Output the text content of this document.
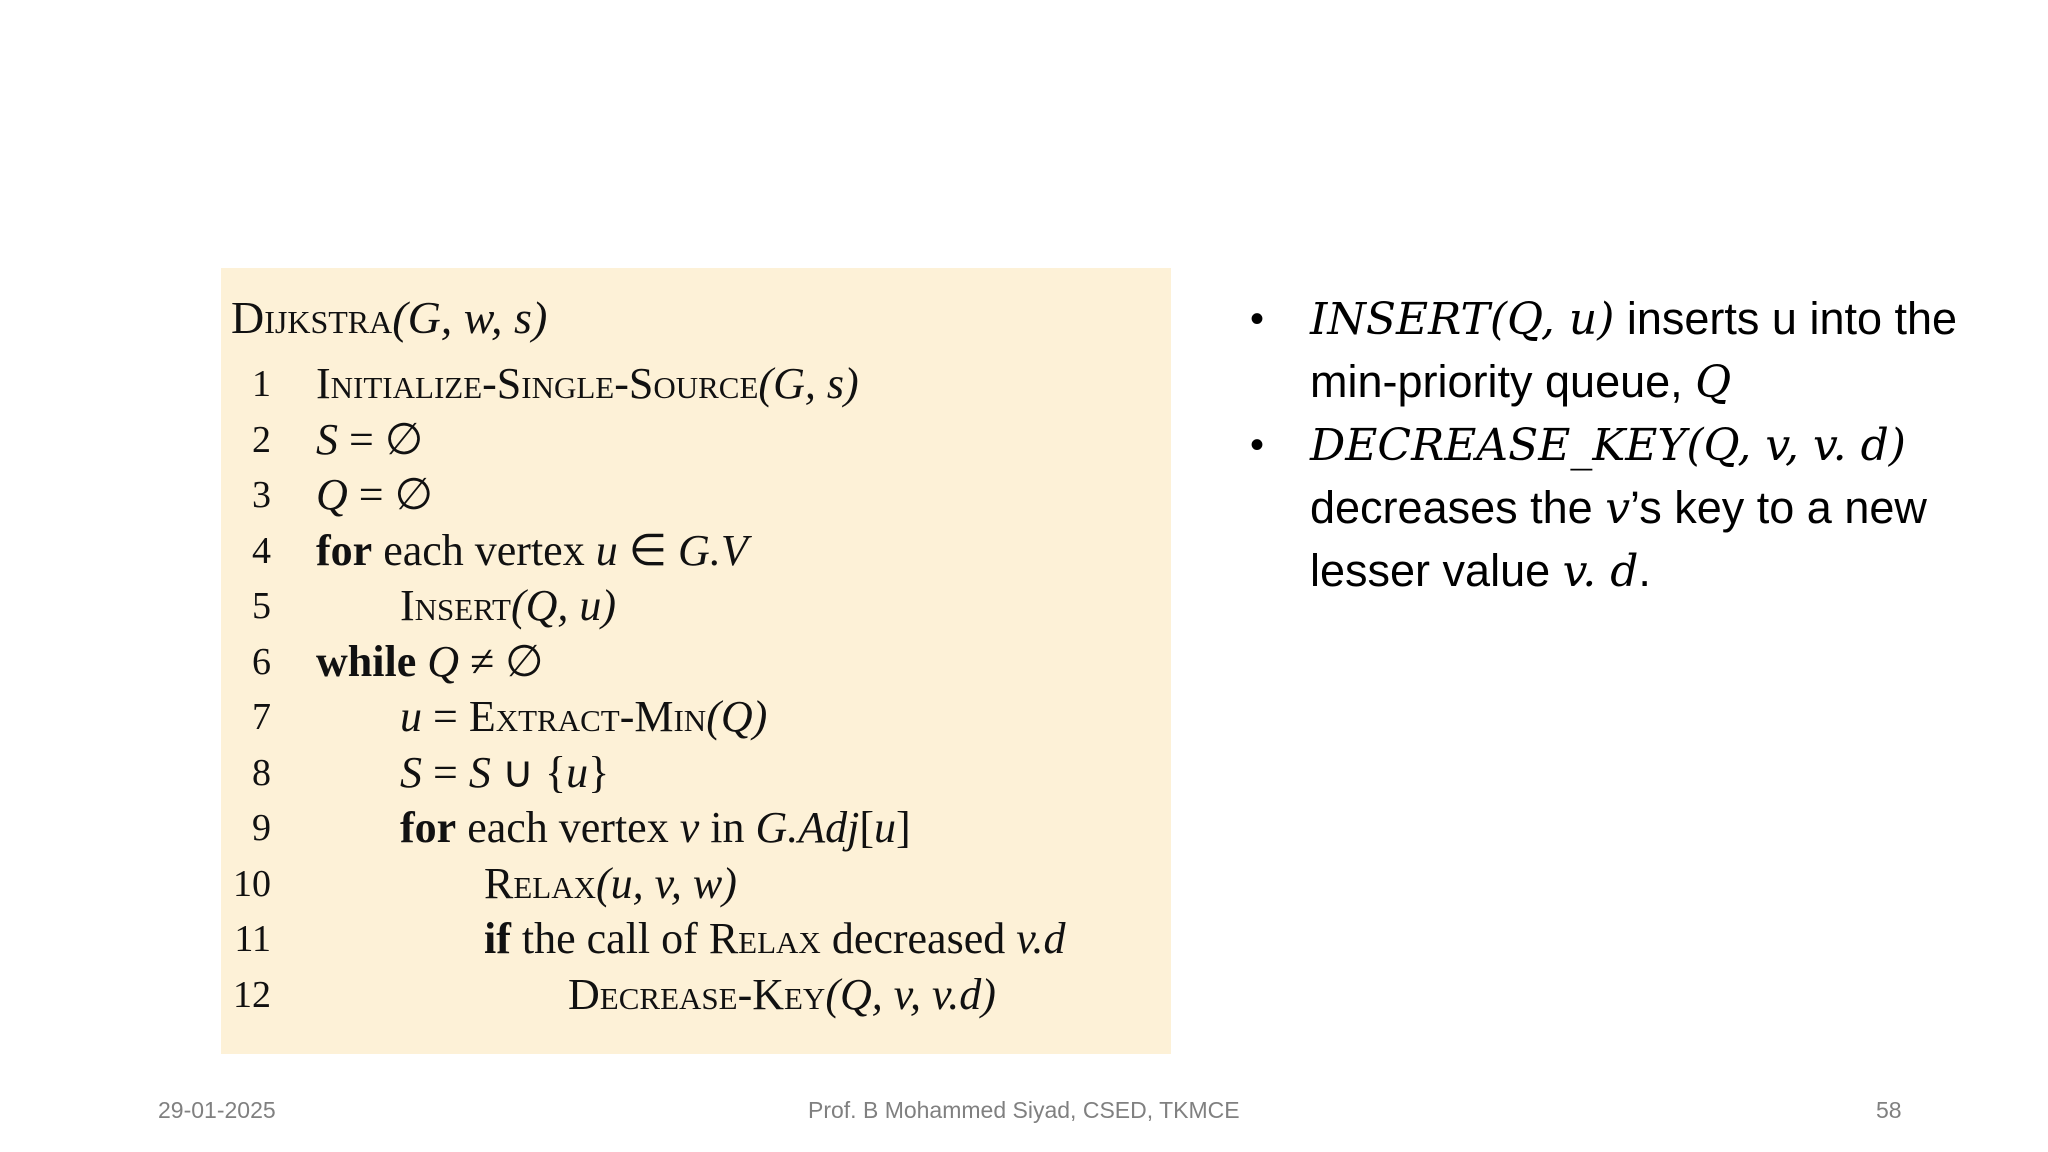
Dijkstra(G, w, s)
1 Initialize-Single-Source(G, s)
2 S = ∅
3 Q = ∅
4 for each vertex u ∈ G.V
5	Insert(Q, u)
6 while Q ≠ ∅
7	u = Extract-Min(Q)
8	S = S ∪ {u}
9	for each vertex v in G.Adj[u]
10	Relax(u, v, w)
11	if the call of Relax decreased v.d
12	Decrease-Key(Q, v, v.d)
• INSERT(Q, u) inserts u into the min-priority queue, Q
• DECREASE_KEY(Q, v, v. d) decreases the v’s key to a new lesser value v. d.
29-01-2025	Prof. B Mohammed Siyad, CSED, TKMCE	58
